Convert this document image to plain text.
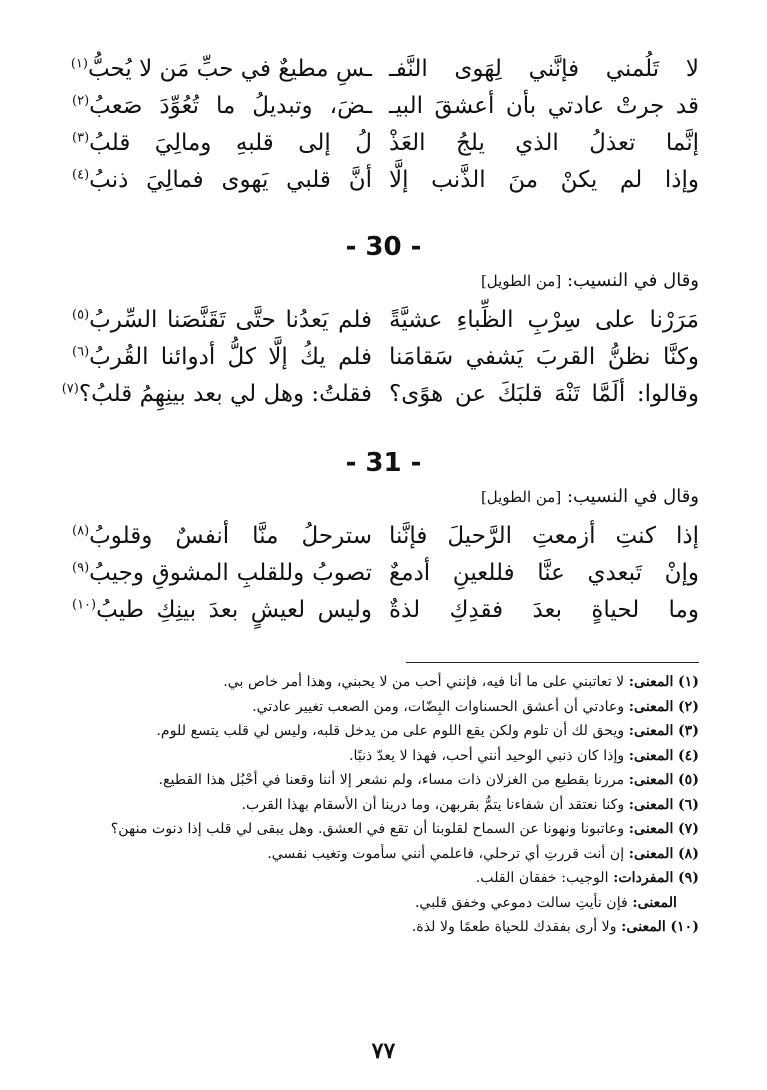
لا تَلُمني فإنَّني لِهَوى النَّفـ
ـسِ مطيعٌ في حبِّ مَن لا يُحبُّ$^{(١)}$
قد جرتْ عادتي بأن أعشقَ البيـ
ـضَ، وتبديلُ ما تُعُوِّدَ صَعبُ$^{(٢)}$
إنَّما تعذلُ الذي يلجُ العَذْ
لُ إلى قلبهِ ومالِيَ قلبُ$^{(٣)}$
وإذا لم يكنْ منَ الذَّنب إلَّا
أنَّ قلبي يَهوى فمالِيَ ذنبُ$^{(٤)}$
- 30 -
وقال في النسيب: [من الطويل]
مَرَرْنا على سِرْبِ الظِّباءِ عشيَّةً
فلم يَعدُنا حتَّى تَقَنَّصَنا السِّربُ$^{(٥)}$
وكنَّا نظنُّ القربَ يَشفي سَقامَنا
فلم يكُ إلَّا كلُّ أدوائنا القُربُ$^{(٦)}$
وقالوا: ألَمَّا تَنْهَ قلبَكَ عن هوًى؟
فقلتُ: وهل لي بعد بينِهِمُ قلبُ؟$^{(٧)}$
- 31 -
وقال في النسيب: [من الطويل]
إذا كنتِ أزمعتِ الرَّحيلَ فإنَّنا
سترحلُ منَّا أنفسٌ وقلوبُ$^{(٨)}$
وإنْ تَبعدي عنَّا فللعينِ أدمعٌ
تصوبُ وللقلبِ المشوقِ وجيبُ$^{(٩)}$
وما لحياةٍ بعدَ فقدِكِ لذةٌ
وليس لعيشٍ بعدَ بينِكِ طيبُ$^{(١٠)}$
(١) المعنى: لا تعاتبني على ما أنا فيه، فإنني أحب من لا يحبني، وهذا أمر خاص بي.
(٢) المعنى: وعادتي أن أعشق الحسناوات البِضّات، ومن الصعب تغيير عادتي.
(٣) المعنى: ويحق لك أن تلوم ولكن يقع اللوم على من يدخل قلبه، وليس لي قلب يتسع للوم.
(٤) المعنى: وإذا كان ذنبي الوحيد أنني أحب، فهذا لا يعدّ ذنبًا.
(٥) المعنى: مررنا بقطيع من الغزلان ذات مساء، ولم نشعر إلا أننا وقعنا في أحْبُل هذا القطيع.
(٦) المعنى: وكنا نعتقد أن شفاءنا يتمُّ بقربهن، وما درينا أن الأسقام بهذا القرب.
(٧) المعنى: وعاتبونا ونهونا عن السماح لقلوبنا أن تقع في العشق. وهل يبقى لي قلب إذا دنوت منهن؟
(٨) المعنى: إن أنت قررتِ أي ترحلي، فاعلمي أنني سأموت وتغيب نفسي.
(٩) المفردات: الوجيب: خفقان القلب.
المعنى: فإن نأيتِ سالت دموعي وخفق قلبي.
(١٠) المعنى: ولا أرى بفقدك للحياة طعمًا ولا لذة.
٧٧
